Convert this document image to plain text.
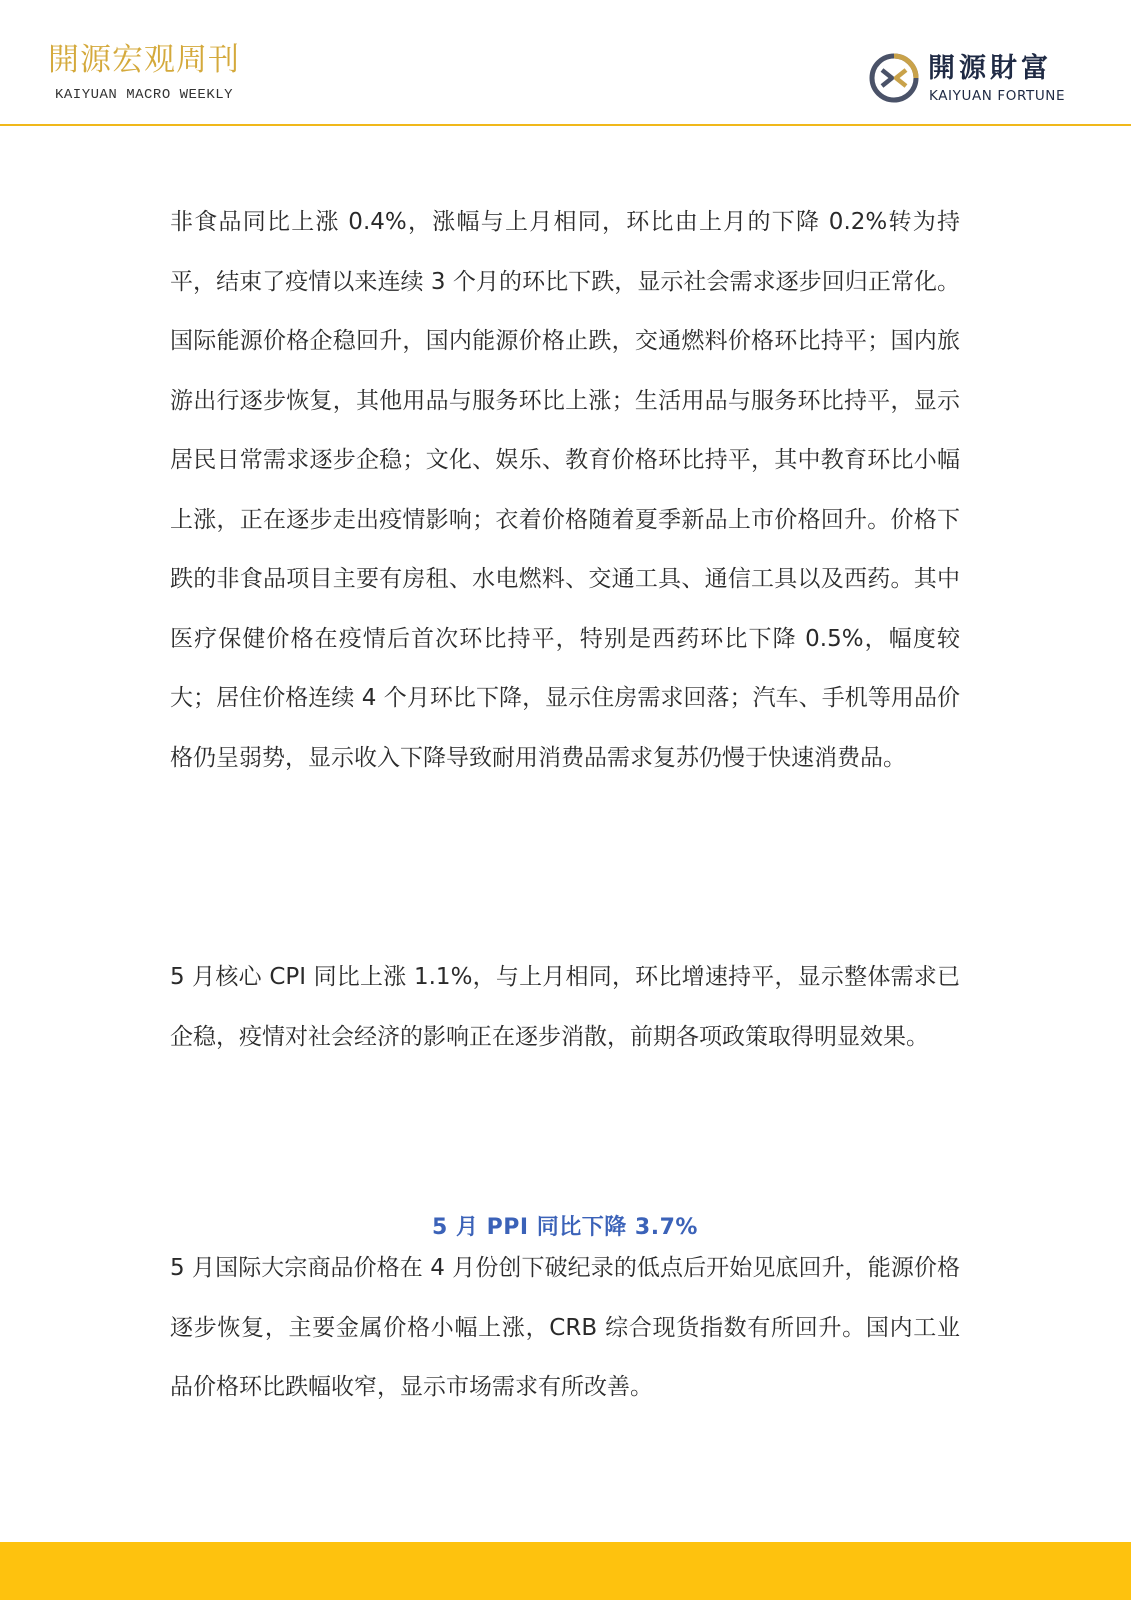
開源宏观周刊
KAIYUAN MACRO WEEKLY
開源財富
KAIYUAN FORTUNE

非食品同比上涨 0.4%，涨幅与上月相同，环比由上月的下降 0.2%转为持平，结束了疫情以来连续 3 个月的环比下跌，显示社会需求逐步回归正常化。国际能源价格企稳回升，国内能源价格止跌，交通燃料价格环比持平；国内旅游出行逐步恢复，其他用品与服务环比上涨；生活用品与服务环比持平，显示居民日常需求逐步企稳；文化、娱乐、教育价格环比持平，其中教育环比小幅上涨，正在逐步走出疫情影响；衣着价格随着夏季新品上市价格回升。价格下跌的非食品项目主要有房租、水电燃料、交通工具、通信工具以及西药。其中医疗保健价格在疫情后首次环比持平，特别是西药环比下降 0.5%，幅度较大；居住价格连续 4 个月环比下降，显示住房需求回落；汽车、手机等用品价格仍呈弱势，显示收入下降导致耐用消费品需求复苏仍慢于快速消费品。

5 月核心 CPI 同比上涨 1.1%，与上月相同，环比增速持平，显示整体需求已企稳，疫情对社会经济的影响正在逐步消散，前期各项政策取得明显效果。

5 月 PPI 同比下降 3.7%

5 月国际大宗商品价格在 4 月份创下破纪录的低点后开始见底回升，能源价格逐步恢复，主要金属价格小幅上涨，CRB 综合现货指数有所回升。国内工业品价格环比跌幅收窄，显示市场需求有所改善。
